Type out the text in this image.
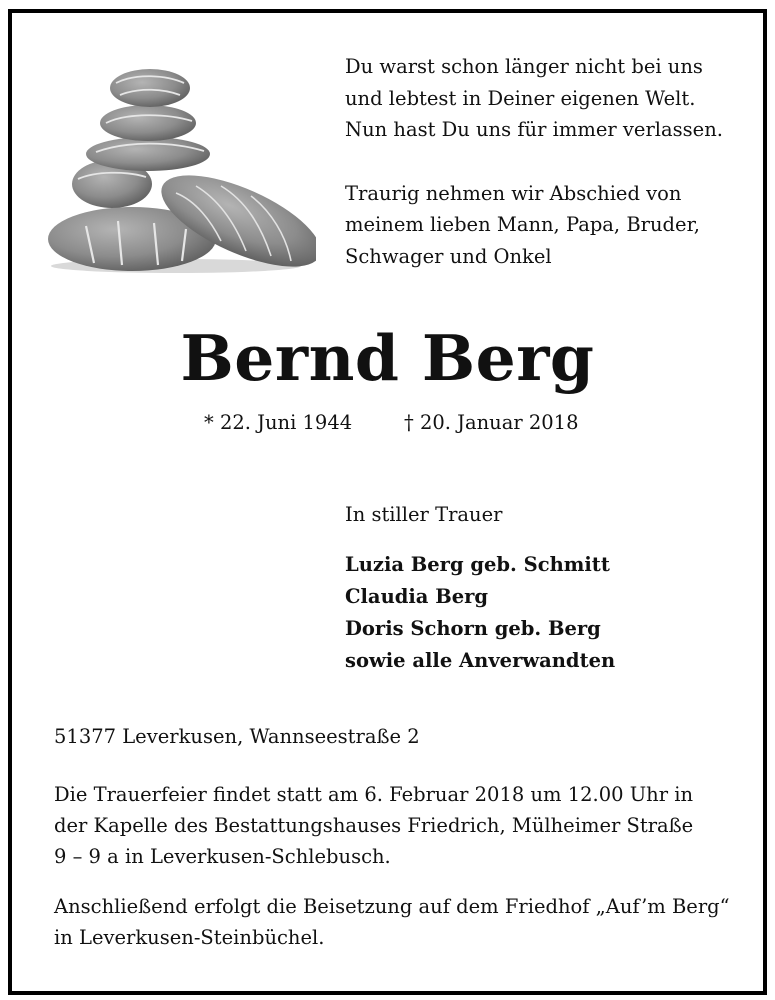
Du warst schon länger nicht bei uns
und lebtest in Deiner eigenen Welt.
Nun hast Du uns für immer verlassen.

Traurig nehmen wir Abschied von
meinem lieben Mann, Papa, Bruder,
Schwager und Onkel

Bernd Berg
* 22. Juni 1944	† 20. Januar 2018
In stiller Trauer
Luzia Berg geb. Schmitt
Claudia Berg
Doris Schorn geb. Berg
sowie alle Anverwandten
51377 Leverkusen, Wannseestraße 2
Die Trauerfeier findet statt am 6. Februar 2018 um 12.00 Uhr in
der Kapelle des Bestattungshauses Friedrich, Mülheimer Straße
9 – 9 a in Leverkusen-Schlebusch.
Anschließend erfolgt die Beisetzung auf dem Friedhof „Auf’m Berg“
in Leverkusen-Steinbüchel.
